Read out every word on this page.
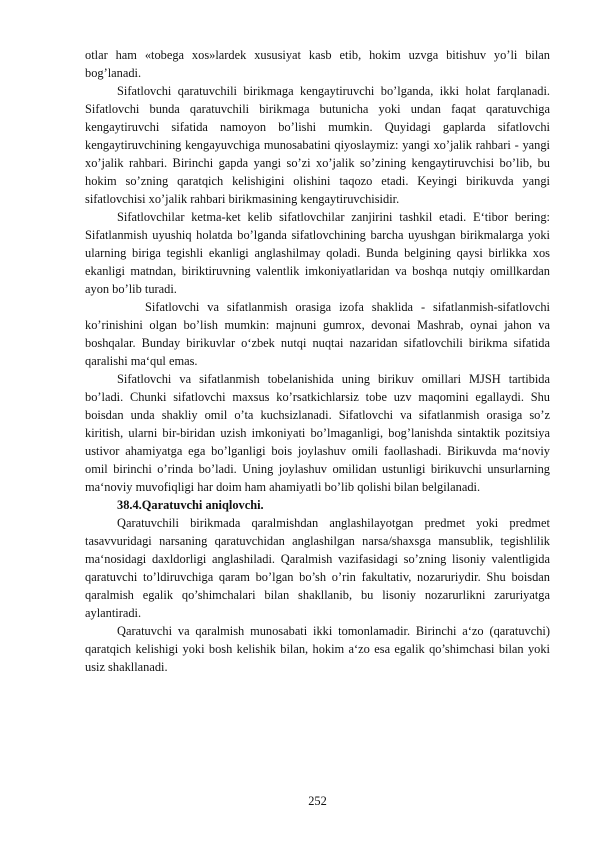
otlar ham «tobega xos»lardek xususiyat kasb etib, hokim uzvga bitishuv yo’li bilan bog’lanadi.

Sifatlovchi qaratuvchili birikmaga kengaytiruvchi bo’lganda, ikki holat farqlanadi. Sifatlovchi bunda qaratuvchili birikmaga butunicha yoki undan faqat qaratuvchiga kengaytiruvchi sifatida namoyon bo’lishi mumkin. Quyidagi gaplarda sifatlovchi kengaytiruvchining kengayuvchiga munosabatini qiyoslaymiz: yangi xo’jalik rahbari - yangi xo’jalik rahbari. Birinchi gapda yangi so’zi xo’jalik so’zining kengaytiruvchisi bo’lib, bu hokim so’zning qaratqich kelishigini olishini taqozo etadi. Keyingi birikuvda yangi sifatlovchisi xo’jalik rahbari birikmasining kengaytiruvchisidir.

Sifatlovchilar ketma-ket kelib sifatlovchilar zanjirini tashkil etadi. E‘tibor bering: Sifatlanmish uyushiq holatda bo’lganda sifatlovchining barcha uyushgan birikmalarga yoki ularning biriga tegishli ekanligi anglashilmay qoladi. Bunda belgining qaysi birlikka xos ekanligi matndan, biriktiruvning valentlik imkoniyatlaridan va boshqa nutqiy omillkardan ayon bo’lib turadi.

Sifatlovchi va sifatlanmish orasiga izofa shaklida - sifatlanmish-sifatlovchi ko’rinishini olgan bo’lish mumkin: majnuni gumrox, devonai Mashrab, oynai jahon va boshqalar. Bunday birikuvlar o‘zbek nutqi nuqtai nazaridan sifatlovchili birikma sifatida qaralishi ma‘qul emas.

Sifatlovchi va sifatlanmish tobelanishida uning birikuv omillari MJSH tartibida bo’ladi. Chunki sifatlovchi maxsus ko’rsatkichlarsiz tobe uzv maqomini egallaydi. Shu boisdan unda shakliy omil o’ta kuchsizlanadi. Sifatlovchi va sifatlanmish orasiga so’z kiritish, ularni bir-biridan uzish imkoniyati bo’lmaganligi, bog’lanishda sintaktik pozitsiya ustivor ahamiyatga ega bo’lganligi bois joylashuv omili faollashadi. Birikuvda ma‘noviy omil birinchi o’rinda bo’ladi. Uning joylashuv omilidan ustunligi birikuvchi unsurlarning ma‘noviy muvofiqligi har doim ham ahamiyatli bo’lib qolishi bilan belgilanadi.

38.4.Qaratuvchi aniqlovchi.

Qaratuvchili birikmada qaralmishdan anglashilayotgan predmet yoki predmet tasavvuridagi narsaning qaratuvchidan anglashilgan narsa/shaxsga mansublik, tegishlilik ma‘nosidagi daxldorligi anglashiladi. Qaralmish vazifasidagi so’zning lisoniy valentligida qaratuvchi to’ldiruvchiga qaram bo’lgan bo’sh o’rin fakultativ, nozaruriydir. Shu boisdan qaralmish egalik qo’shimchalari bilan shakllanib, bu lisoniy nozarurlikni zaruriyatga aylantiradi.

Qaratuvchi va qaralmish munosabati ikki tomonlamadir. Birinchi a‘zo (qaratuvchi) qaratqich kelishigi yoki bosh kelishik bilan, hokim a‘zo esa egalik qo’shimchasi bilan yoki usiz shakllanadi.

252
